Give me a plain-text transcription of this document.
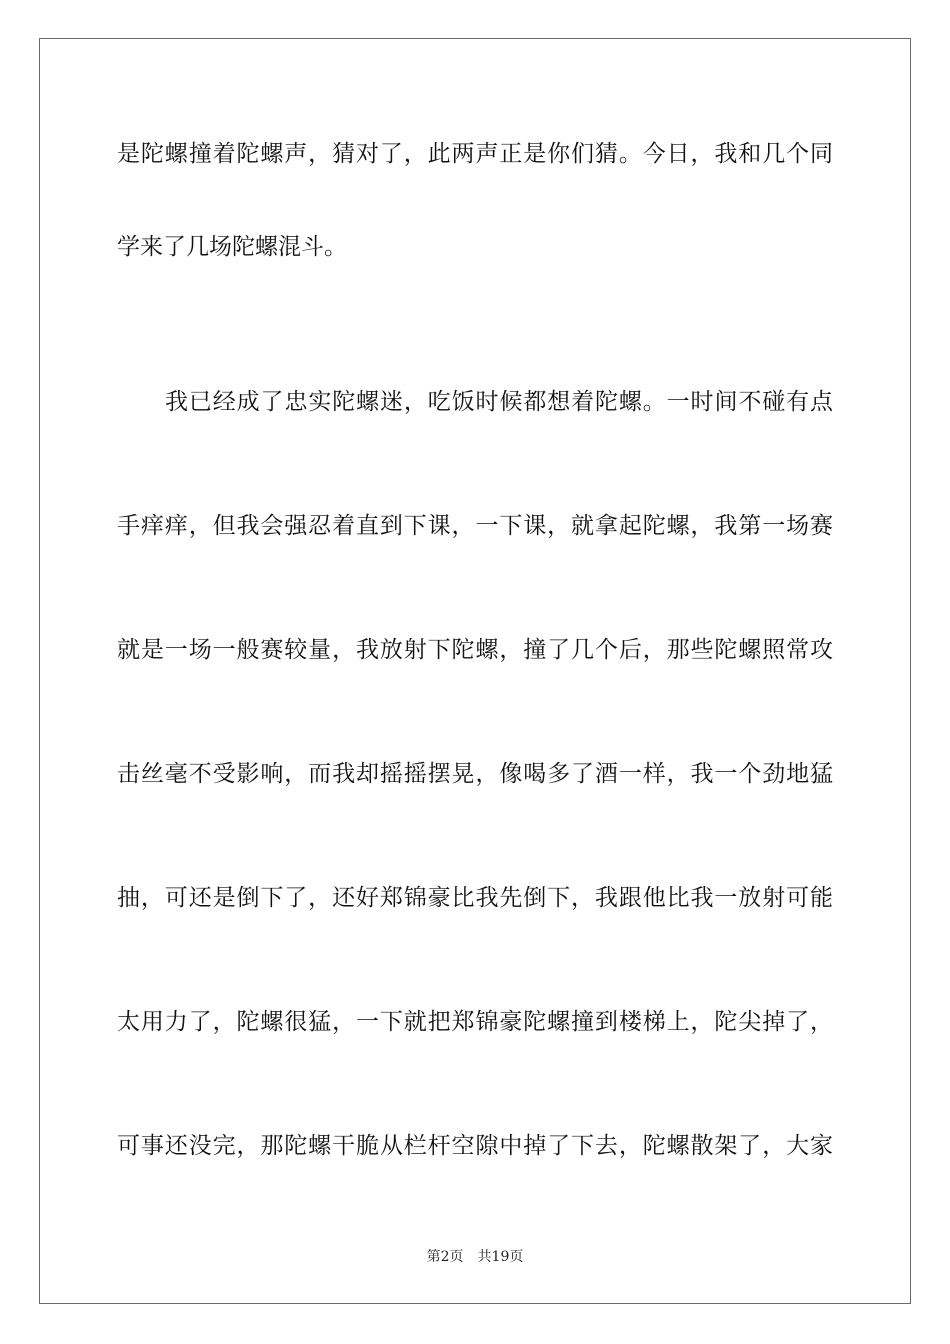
是陀螺撞着陀螺声，猜对了，此两声正是你们猜。今日，我和几个同
学来了几场陀螺混斗。
我已经成了忠实陀螺迷，吃饭时候都想着陀螺。一时间不碰有点
手痒痒，但我会强忍着直到下课，一下课，就拿起陀螺，我第一场赛
就是一场一般赛较量，我放射下陀螺，撞了几个后，那些陀螺照常攻
击丝毫不受影响，而我却摇摇摆晃，像喝多了酒一样，我一个劲地猛
抽，可还是倒下了，还好郑锦豪比我先倒下，我跟他比我一放射可能
太用力了，陀螺很猛，一下就把郑锦豪陀螺撞到楼梯上，陀尖掉了，
可事还没完，那陀螺干脆从栏杆空隙中掉了下去，陀螺散架了，大家
第2页 共19页
